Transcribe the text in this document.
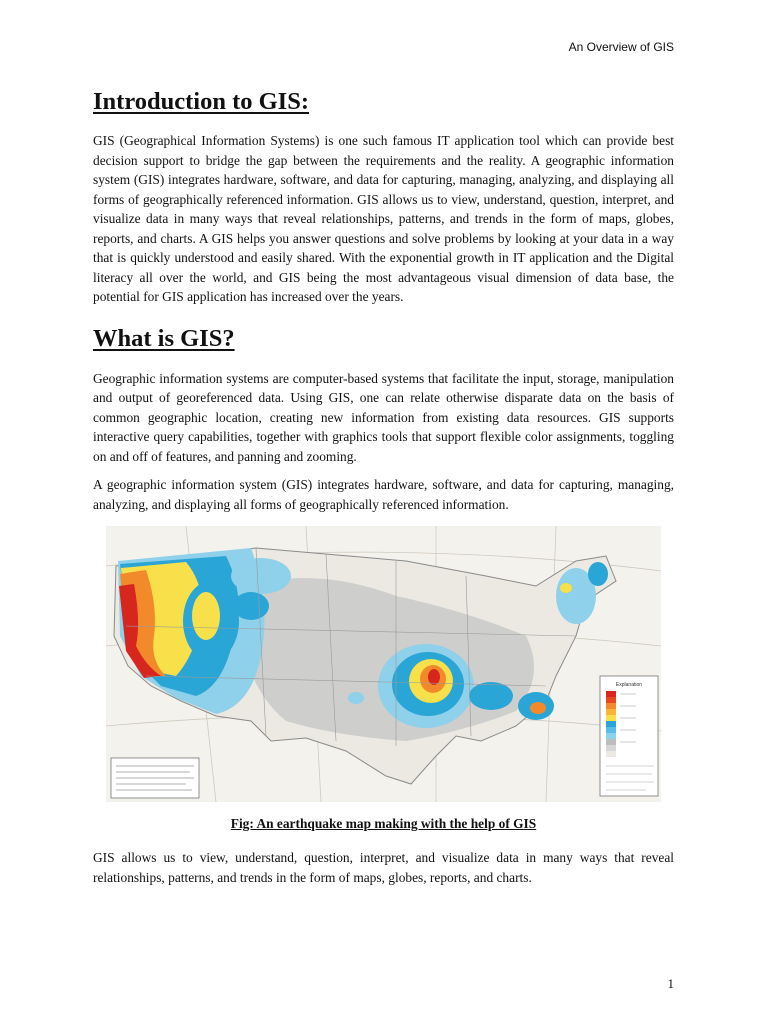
An Overview of GIS
Introduction to GIS:

GIS (Geographical Information Systems) is one such famous IT application tool which can provide best decision support to bridge the gap between the requirements and the reality. A geographic information system (GIS) integrates hardware, software, and data for capturing, managing, analyzing, and displaying all forms of geographically referenced information. GIS allows us to view, understand, question, interpret, and visualize data in many ways that reveal relationships, patterns, and trends in the form of maps, globes, reports, and charts. A GIS helps you answer questions and solve problems by looking at your data in a way that is quickly understood and easily shared. With the exponential growth in IT application and the Digital literacy all over the world, and GIS being the most advantageous visual dimension of data base, the potential for GIS application has increased over the years.

What is GIS?

Geographic information systems are computer-based systems that facilitate the input, storage, manipulation and output of georeferenced data. Using GIS, one can relate otherwise disparate data on the basis of common geographic location, creating new information from existing data resources. GIS supports interactive query capabilities, together with graphics tools that support flexible color assignments, toggling on and off of features, and panning and zooming.

A geographic information system (GIS) integrates hardware, software, and data for capturing, managing, analyzing, and displaying all forms of geographically referenced information.

Explanation
Fig: An earthquake map making with the help of GIS

GIS allows us to view, understand, question, interpret, and visualize data in many ways that reveal relationships, patterns, and trends in the form of maps, globes, reports, and charts.

1
